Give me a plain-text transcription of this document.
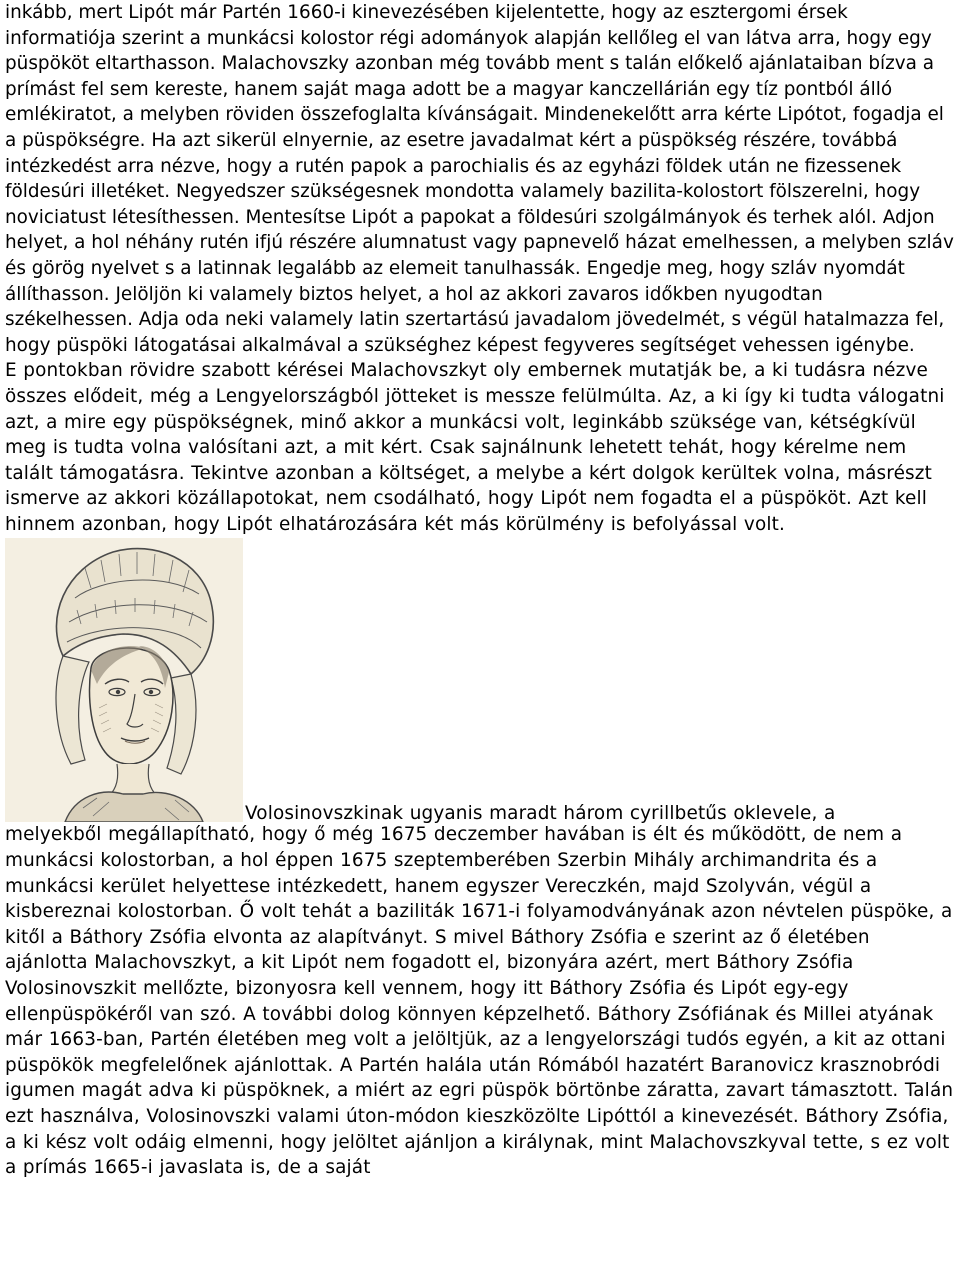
inkább, mert Lipót már Partén 1660-i kinevezésében kijelentette, hogy az esztergomi érsek informatiója szerint a munkácsi kolostor régi adományok alapján kellőleg el van látva arra, hogy egy püspököt eltarthasson. Malachovszky azonban még tovább ment s talán előkelő ajánlataiban bízva a prímást fel sem kereste, hanem saját maga adott be a magyar kanczellárián egy tíz pontból álló emlékiratot, a melyben röviden összefoglalta kívánságait. Mindenekelőtt arra kérte Lipótot, fogadja el a püspökségre. Ha azt sikerül elnyernie, az esetre javadalmat kért a püspökség részére, továbbá intézkedést arra nézve, hogy a rutén papok a parochialis és az egyházi földek után ne fizessenek földesúri illetéket. Negyedszer szükségesnek mondotta valamely bazilita-kolostort fölszerelni, hogy noviciatust létesíthessen. Mentesítse Lipót a papokat a földesúri szolgálmányok és terhek alól. Adjon helyet, a hol néhány rutén ifjú részére alumnatust vagy papnevelő házat emelhessen, a melyben szláv és görög nyelvet s a latinnak legalább az elemeit tanulhassák. Engedje meg, hogy szláv nyomdát állíthasson. Jelöljön ki valamely biztos helyet, a hol az akkori zavaros időkben nyugodtan székelhessen. Adja oda neki valamely latin szertartású javadalom jövedelmét, s végül hatalmazza fel, hogy püspöki látogatásai alkalmával a szükséghez képest fegyveres segítséget vehessen igénybe.

E pontokban rövidre szabott kérései Malachovszkyt oly embernek mutatják be, a ki tudásra nézve összes elődeit, még a Lengyelországból jötteket is messze felülmúlta. Az, a ki így ki tudta válogatni azt, a mire egy püspökségnek, minő akkor a munkácsi volt, leginkább szüksége van, kétségkívül meg is tudta volna valósítani azt, a mit kért. Csak sajnálnunk lehetett tehát, hogy kérelme nem talált támogatásra. Tekintve azonban a költséget, a melybe a kért dolgok kerültek volna, másrészt ismerve az akkori közállapotokat, nem csodálható, hogy Lipót nem fogadta el a püspököt. Azt kell hinnem azonban, hogy Lipót elhatározására két más körülmény is befolyással volt.

Volosinovszkinak ugyanis maradt három cyrillbetűs oklevele, a

melyekből megállapítható, hogy ő még 1675 deczember havában is élt és működött, de nem a munkácsi kolostorban, a hol éppen 1675 szeptemberében Szerbin Mihály archimandrita és a munkácsi kerület helyettese intézkedett, hanem egyszer Vereczkén, majd Szolyván, végül a kisbereznai kolostorban. Ő volt tehát a baziliták 1671-i folyamodványának azon névtelen püspöke, a kitől a Báthory Zsófia elvonta az alapítványt. S mivel Báthory Zsófia e szerint az ő életében ajánlotta Malachovszkyt, a kit Lipót nem fogadott el, bizonyára azért, mert Báthory Zsófia Volosinovszkit mellőzte, bizonyosra kell vennem, hogy itt Báthory Zsófia és Lipót egy-egy ellenpüspökéről van szó. A további dolog könnyen képzelhető. Báthory Zsófiának és Millei atyának már 1663-ban, Partén életében meg volt a jelöltjük, az a lengyelországi tudós egyén, a kit az ottani püspökök megfelelőnek ajánlottak. A Partén halála után Rómából hazatért Baranovicz krasznobródi igumen magát adva ki püspöknek, a miért az egri püspök börtönbe záratta, zavart támasztott. Talán ezt használva, Volosinovszki valami úton-módon kieszközölte Lipóttól a kinevezését. Báthory Zsófia, a ki kész volt odáig elmenni, hogy jelöltet ajánljon a királynak, mint Malachovszkyval tette, s ez volt a prímás 1665-i javaslata is, de a saját
